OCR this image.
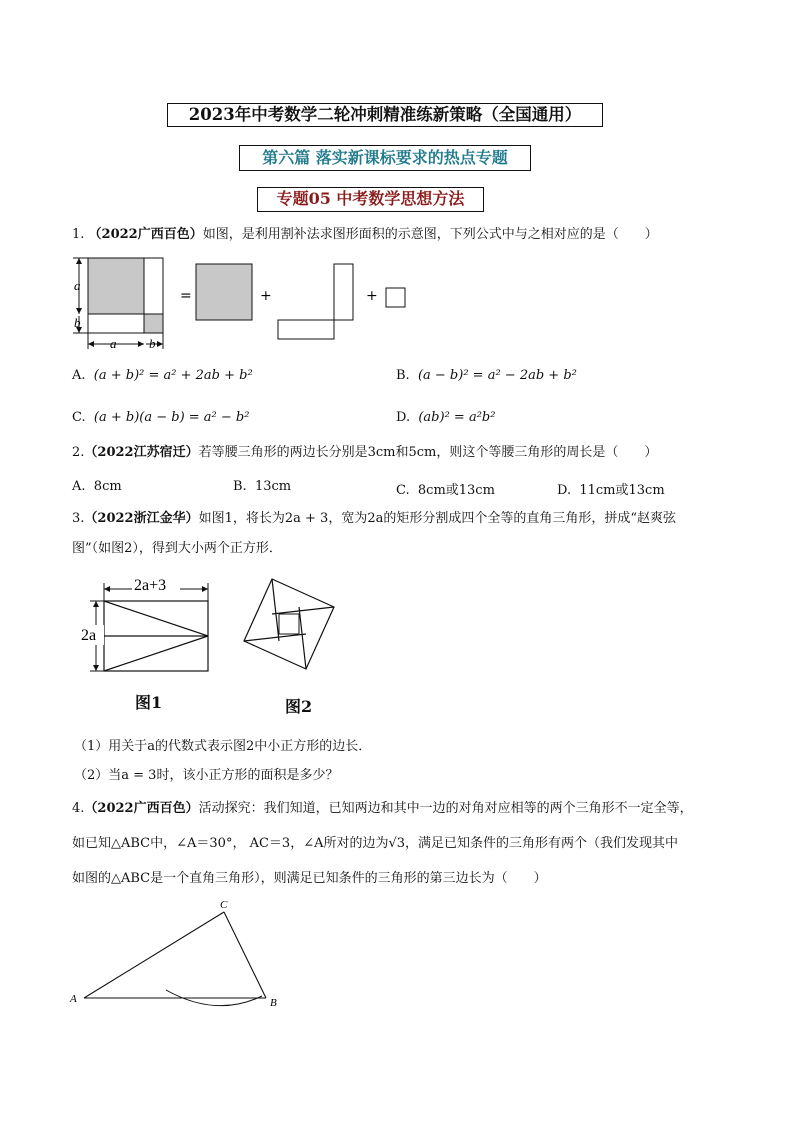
2023年中考数学二轮冲刺精准练新策略（全国通用）
第六篇 落实新课标要求的热点专题
专题05 中考数学思想方法
1. （2022广西百色）如图，是利用割补法求图形面积的示意图，下列公式中与之相对应的是（　　）
a
b
a	b
=	+	+
A. (a + b)² = a² + 2ab + b²	B. (a − b)² = a² − 2ab + b²
C. (a + b)(a − b) = a² − b²	D. (ab)² = a²b²
2.（2022江苏宿迁）若等腰三角形的两边长分别是3cm和5cm，则这个等腰三角形的周长是（　　）
A. 8cm	B. 13cm	C. 8cm或13cm	D. 11cm或13cm
3.（2022浙江金华）如图1，将长为2a + 3，宽为2a的矩形分割成四个全等的直角三角形，拼成“赵爽弦
图”（如图2），得到大小两个正方形．
2a+3
2a
图1	图2
（1）用关于a的代数式表示图2中小正方形的边长．
（2）当a = 3时，该小正方形的面积是多少？
4.（2022广西百色）活动探究：我们知道，已知两边和其中一边的对角对应相等的两个三角形不一定全等，
如已知△ABC中，∠A＝30°， AC＝3，∠A所对的边为√3，满足已知条件的三角形有两个（我们发现其中
如图的△ABC是一个直角三角形），则满足已知条件的三角形的第三边长为（　　）
A	B
C
